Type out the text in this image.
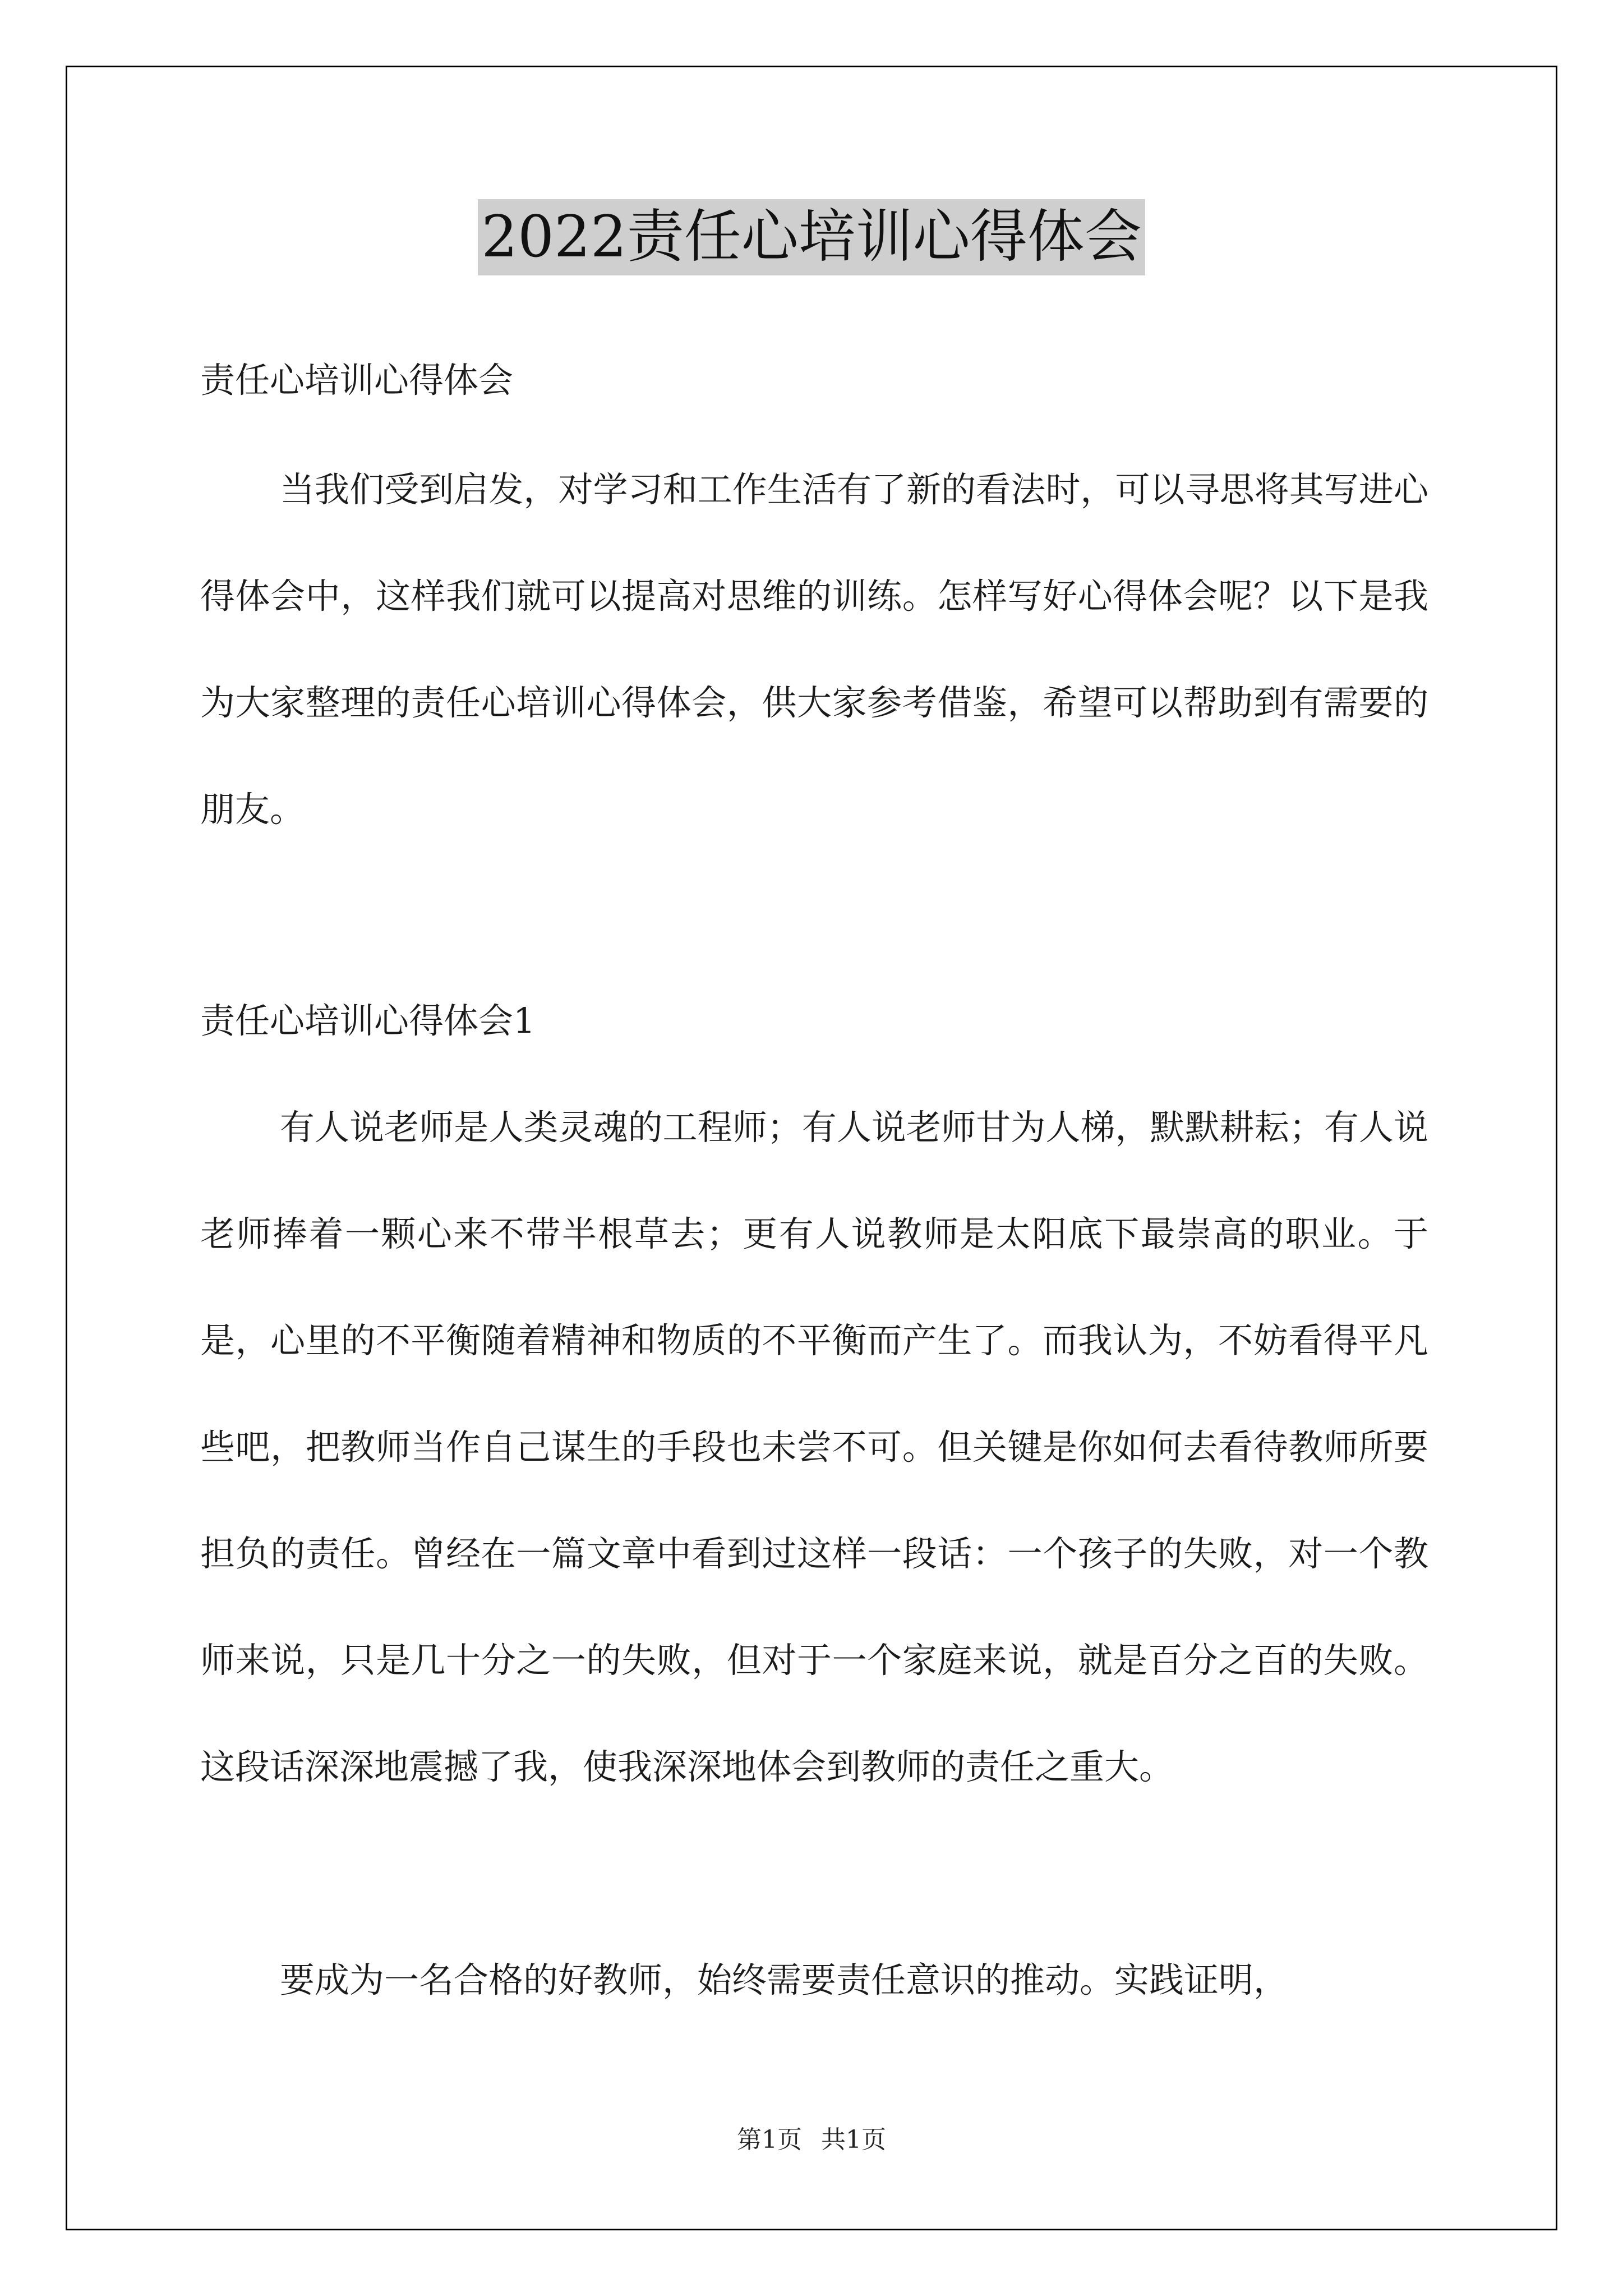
2022责任心培训心得体会

责任心培训心得体会

当我们受到启发，对学习和工作生活有了新的看法时，可以寻思将其写进心得体会中，这样我们就可以提高对思维的训练。怎样写好心得体会呢？以下是我为大家整理的责任心培训心得体会，供大家参考借鉴，希望可以帮助到有需要的朋友。

责任心培训心得体会1

有人说老师是人类灵魂的工程师；有人说老师甘为人梯，默默耕耘；有人说老师捧着一颗心来不带半根草去；更有人说教师是太阳底下最崇高的职业。于是，心里的不平衡随着精神和物质的不平衡而产生了。而我认为，不妨看得平凡些吧，把教师当作自己谋生的手段也未尝不可。但关键是你如何去看待教师所要担负的责任。曾经在一篇文章中看到过这样一段话：一个孩子的失败，对一个教师来说，只是几十分之一的失败，但对于一个家庭来说，就是百分之百的失败。这段话深深地震撼了我，使我深深地体会到教师的责任之重大。

要成为一名合格的好教师，始终需要责任意识的推动。实践证明，

第1页 共1页
